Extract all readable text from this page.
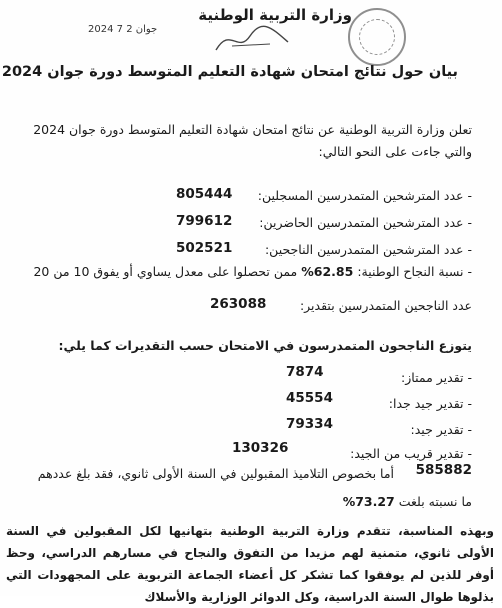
وزارة التربية الوطنية
2024 جوان 2 7
بيان حول نتائج امتحان شهادة التعليم المتوسط دورة جوان 2024
تعلن وزارة التربية الوطنية عن نتائج امتحان شهادة التعليم المتوسط دورة جوان 2024
والتي جاءت على النحو التالي:
- عدد المترشحين المتمدرسين المسجلين:
805444
- عدد المترشحين المتمدرسين الحاضرين:
799612
- عدد المترشحين المتمدرسين الناجحين:
502521
- نسبة النجاح الوطنية: 62.85% ممن تحصلوا على معدل يساوي أو يفوق 10 من 20
عدد الناجحين المتمدرسين بتقدير:
263088
يتوزع الناجحون المتمدرسون في الامتحان حسب التقديرات كما يلي:
- تقدير ممتاز:
7874
- تقدير جيد جدا:
45554
- تقدير جيد:
79334
- تقدير قريب من الجيد:
130326
أما بخصوص التلاميذ المقبولين في السنة الأولى ثانوي، فقد بلغ عددهم 585882
ما نسبته بلغت 73.27%
وبهذه المناسبة، تتقدم وزارة التربية الوطنية بتهانيها لكل المقبولين في السنة الأولى ثانوي، متمنية لهم مزيدا من التفوق والنجاح في مسارهم الدراسي، وحظ أوفر للذين لم يوفقوا كما تشكر كل أعضاء الجماعة التربوية على المجهودات التي بذلوها طوال السنة الدراسية، وكل الدوائر الوزارية والأسلاك
